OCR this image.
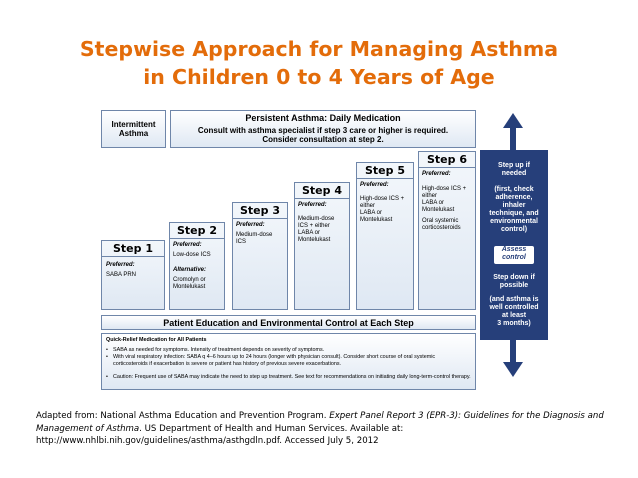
Stepwise Approach for Managing Asthma
in Children 0 to 4 Years of Age
Intermittent
Asthma
Persistent Asthma: Daily Medication
Consult with asthma specialist if step 3 care or higher is required.
Consider consultation at step 2.
Step 1
Preferred:
SABA PRN
Step 2
Preferred:
Low-dose ICS
Alternative:
Cromolyn or
Montelukast
Step 3
Preferred:
Medium-dose
ICS
Step 4
Preferred:
Medium-dose
ICS + either
LABA or
Montelukast
Step 5
Preferred:
High-dose ICS +
either
LABA or
Montelukast
Step 6
Preferred:
High-dose ICS +
either
LABA or
Montelukast
Oral systemic
corticosteroids
Step up if
needed
(first, check
adherence,
inhaler
technique, and
environmental
control)
Assess
control
Step down if
possible
(and asthma is
well controlled
at least
3 months)
Patient Education and Environmental Control at Each Step
Quick-Relief Medication for All Patients
• SABA as needed for symptoms. Intensity of treatment depends on severity of symptoms.
• With viral respiratory infection: SABA q 4–6 hours up to 24 hours (longer with physician consult). Consider short course of oral systemic corticosteroids if exacerbation is severe or patient has history of previous severe exacerbations.
• Caution: Frequent use of SABA may indicate the need to step up treatment. See text for recommendations on initiating daily long-term-control therapy.
Adapted from: National Asthma Education and Prevention Program. Expert Panel Report 3 (EPR-3): Guidelines for the Diagnosis and Management of Asthma. US Department of Health and Human Services. Available at: http://www.nhlbi.nih.gov/guidelines/asthma/asthgdln.pdf. Accessed July 5, 2012
